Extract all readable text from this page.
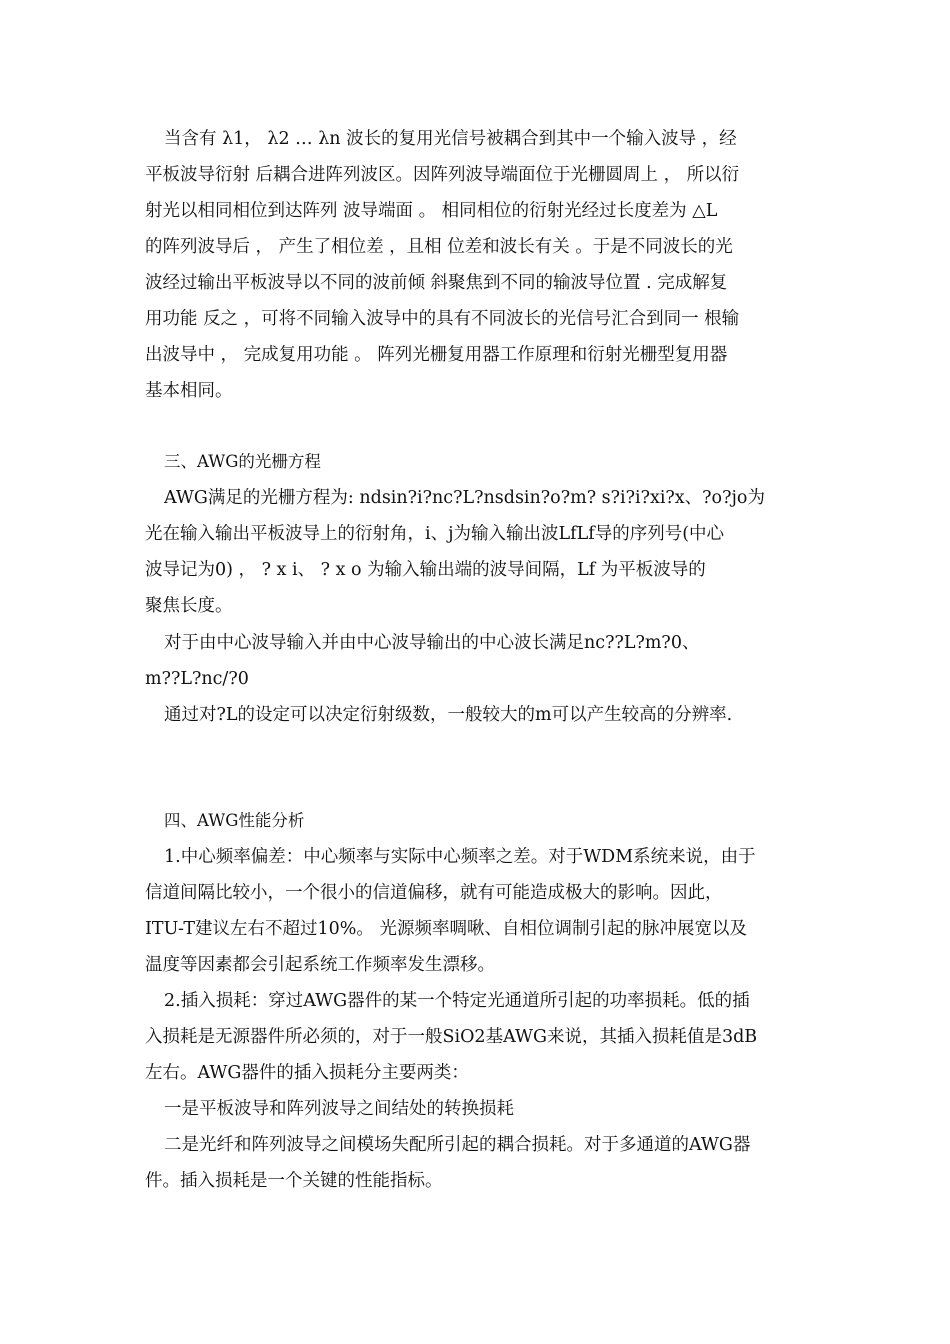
当含有 λ1， λ2 … λn 波长的复用光信号被耦合到其中一个输入波导 ，经
平板波导衍射 后耦合进阵列波区。因阵列波导端面位于光栅圆周上 ， 所以衍
射光以相同相位到达阵列 波导端面 。 相同相位的衍射光经过长度差为 △L
的阵列波导后 ， 产生了相位差 ，且相 位差和波长有关 。于是不同波长的光
波经过输出平板波导以不同的波前倾 斜聚焦到不同的输波导位置 . 完成解复
用功能 反之 ，可将不同输入波导中的具有不同波长的光信号汇合到同一 根输
出波导中 ， 完成复用功能 。 阵列光栅复用器工作原理和衍射光栅型复用器
基本相同。
三、AWG的光栅方程
AWG满足的光栅方程为: ndsin?i?nc?L?nsdsin?o?m? s?i?i?xi?x、?o?jo为
光在输入输出平板波导上的衍射角，i、j为输入输出波LfLf导的序列号(中心
波导记为0) ， ? x i、 ? x o 为输入输出端的波导间隔，Lf 为平板波导的
聚焦长度。
对于由中心波导输入并由中心波导输出的中心波长满足nc??L?m?0、
m??L?nc/?0
通过对?L的设定可以决定衍射级数，一般较大的m可以产生较高的分辨率.
四、AWG性能分析
1.中心频率偏差：中心频率与实际中心频率之差。对于WDM系统来说，由于
信道间隔比较小，一个很小的信道偏移，就有可能造成极大的影响。因此，
ITU-T建议左右不超过10%。 光源频率啁啾、自相位调制引起的脉冲展宽以及
温度等因素都会引起系统工作频率发生漂移。
2.插入损耗：穿过AWG器件的某一个特定光通道所引起的功率损耗。低的插
入损耗是无源器件所必须的，对于一般SiO2基AWG来说，其插入损耗值是3dB
左右。AWG器件的插入损耗分主要两类：
一是平板波导和阵列波导之间结处的转换损耗
二是光纤和阵列波导之间模场失配所引起的耦合损耗。对于多通道的AWG器
件。插入损耗是一个关键的性能指标。
